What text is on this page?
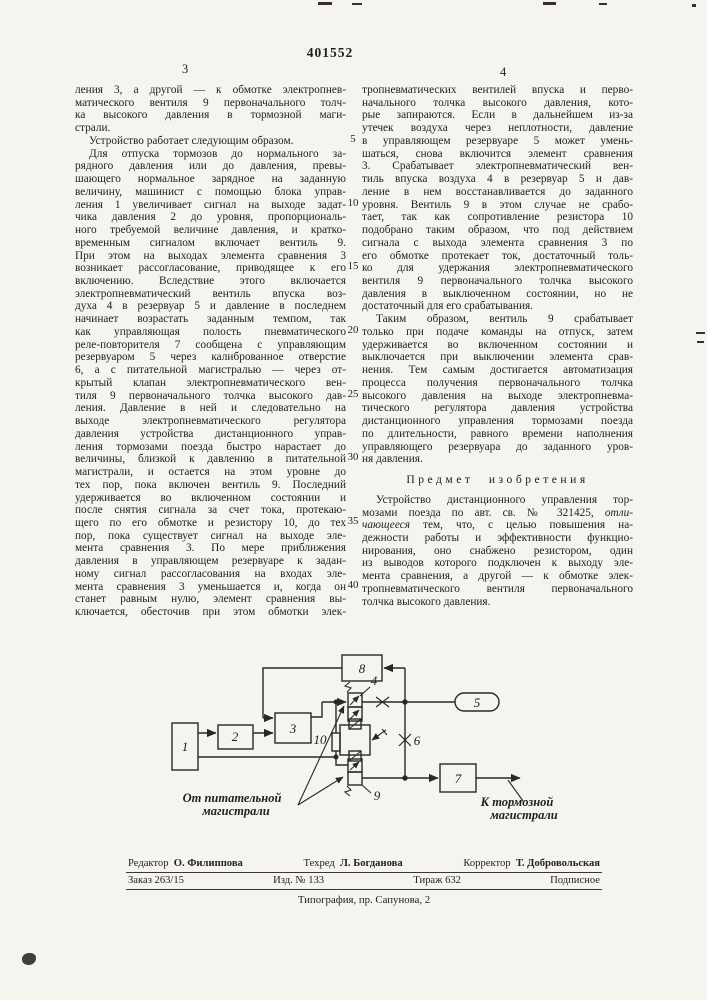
401552
3	4
5
10
15
20
25
30
35
40
ления 3, а другой — к обмотке электропнев-
матического вентиля 9 первоначального толч-
ка высокого давления в тормозной маги-
страли.
Устройство работает следующим образом.
Для отпуска тормозов до нормального за-
рядного давления или до давления, превы-
шающего нормальное зарядное на заданную
величину, машинист с помощью блока управ-
ления 1 увеличивает сигнал на выходе задат-
чика давления 2 до уровня, пропорциональ-
ного требуемой величине давления, и кратко-
временным сигналом включает вентиль 9.
При этом на выходах элемента сравнения 3
возникает рассогласование, приводящее к его
включению. Вследствие этого включается
электропневматический вентиль впуска воз-
духа 4 в резервуар 5 и давление в последнем
начинает возрастать заданным темпом, так
как управляющая полость пневматического
реле-повторителя 7 сообщена с управляющим
резервуаром 5 через калиброванное отверстие
6, а с питательной магистралью — через от-
крытый клапан электропневматического вен-
тиля 9 первоначального толчка высокого дав-
ления. Давление в ней и следовательно на
выходе электропневматического регулятора
давления устройства дистанционного управ-
ления тормозами поезда быстро нарастает до
величины, близкой к давлению в питательной
магистрали, и остается на этом уровне до
тех пор, пока включен вентиль 9. Последний
удерживается во включенном состоянии и
после снятия сигнала за счет тока, протекаю-
щего по его обмотке и резистору 10, до тех
пор, пока существует сигнал на выходе эле-
мента сравнения 3. По мере приближения
давления в управляющем резервуаре к задан-
ному сигнал рассогласования на входах эле-
мента сравнения 3 уменьшается и, когда он
станет равным нулю, элемент сравнения вы-
ключается, обесточив при этом обмотки элек-
тропневматических вентилей впуска и перво-
начального толчка высокого давления, кото-
рые запираются. Если в дальнейшем из-за
утечек воздуха через неплотности, давление
в управляющем резервуаре 5 может умень-
шаться, снова включится элемент сравнения
3. Срабатывает электропневматический вен-
тиль впуска воздуха 4 в резервуар 5 и дав-
ление в нем восстанавливается до заданного
уровня. Вентиль 9 в этом случае не срабо-
тает, так как сопротивление резистора 10
подобрано таким образом, что под действием
сигнала с выхода элемента сравнения 3 по
его обмотке протекает ток, достаточный толь-
ко для удержания электропневматического
вентиля 9 первоначального толчка высокого
давления в выключенном состоянии, но не
достаточный для его срабатывания.
Таким образом, вентиль 9 срабатывает
только при подаче команды на отпуск, затем
удерживается во включенном состоянии и
выключается при выключении элемента срав-
нения. Тем самым достигается автоматизация
процесса получения первоначального толчка
высокого давления на выходе электропневма-
тического регулятора давления устройства
дистанционного управления тормозами поезда
по длительности, равного времени наполнения
управляющего резервуара до заданного уров-
ня давления.
Предмет изобретения
Устройство дистанционного управления тор-
мозами поезда по авт. св. № 321425, отли-
чающееся тем, что, с целью повышения на-
дежности работы и эффективности функцио-
нирования, оно снабжено резистором, один
из выводов которого подключен к выходу эле-
мента сравнения, а другой — к обмотке элек-
тропневматического вентиля первоначального
толчка высокого давления.
1
2
3
8
7
5
4
9
10	6
От питательной
магистрали
К тормозной
магистрали
Редактор О. Филиппова	Техред Л. Богданова	Корректор Т. Добровольская
Заказ 263/15	Изд. № 133	Тираж 632	Подписное
Типография, пр. Сапунова, 2
